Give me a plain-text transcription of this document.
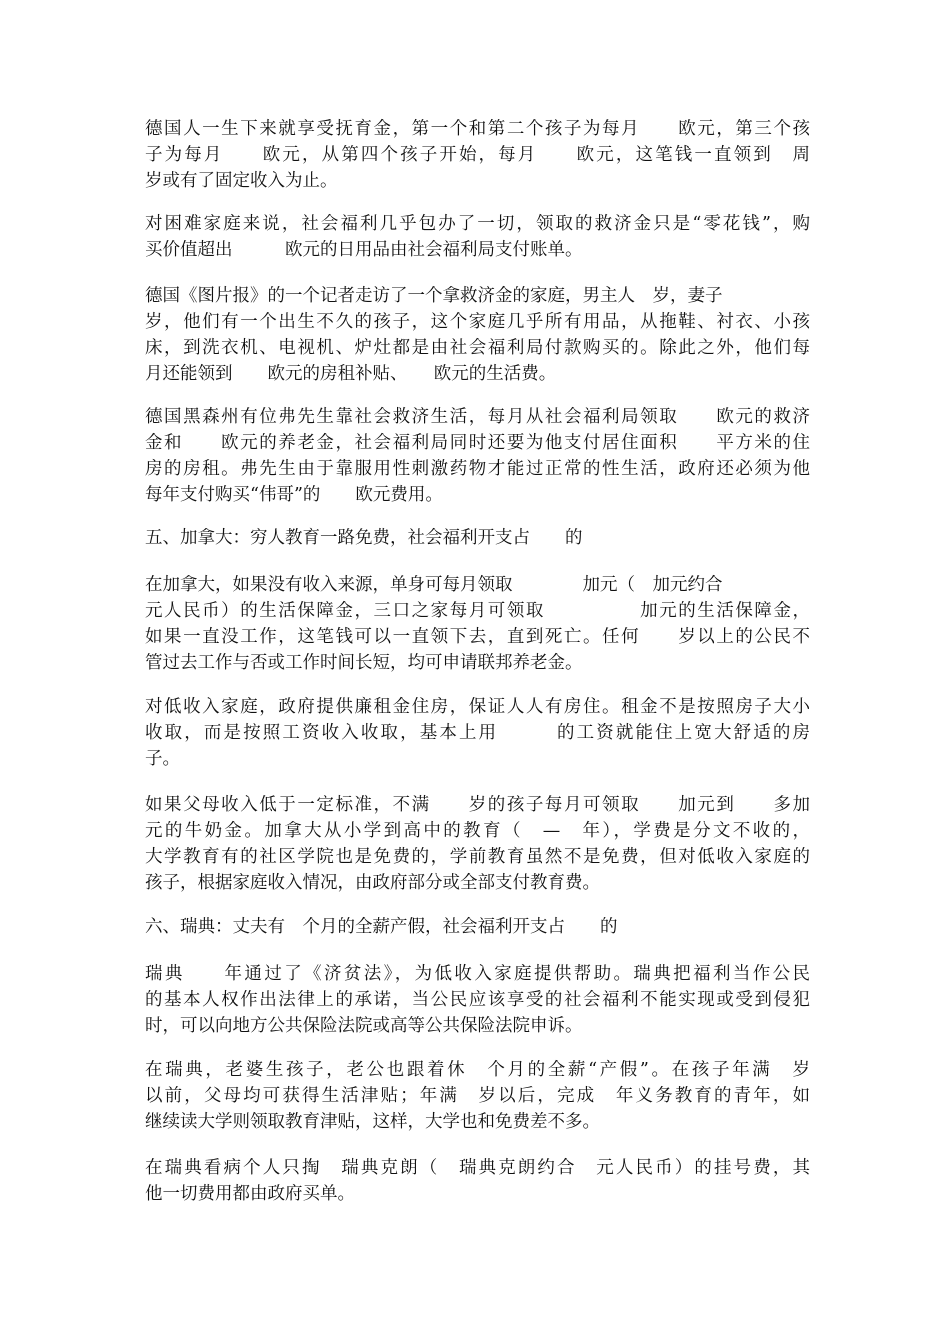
德国人一生下来就享受抚育金，第一个和第二个孩子为每月　　欧元，第三个孩
子为每月　　欧元，从第四个孩子开始，每月　　欧元，这笔钱一直领到　周
岁或有了固定收入为止。
对困难家庭来说，社会福利几乎包办了一切，领取的救济金只是“零花钱”，购
买价值超出　　　欧元的日用品由社会福利局支付账单。
德国《图片报》的一个记者走访了一个拿救济金的家庭，男主人　岁，妻子
岁，他们有一个出生不久的孩子，这个家庭几乎所有用品，从拖鞋、衬衣、小孩
床，到洗衣机、电视机、炉灶都是由社会福利局付款购买的。除此之外，他们每
月还能领到　　欧元的房租补贴、　　欧元的生活费。
德国黑森州有位弗先生靠社会救济生活，每月从社会福利局领取　　欧元的救济
金和　　欧元的养老金，社会福利局同时还要为他支付居住面积　　平方米的住
房的房租。弗先生由于靠服用性刺激药物才能过正常的性生活，政府还必须为他
每年支付购买“伟哥”的　　欧元费用。
五、加拿大：穷人教育一路免费，社会福利开支占　　的
在加拿大，如果没有收入来源，单身可每月领取　　　　加元（　加元约合
元人民币）的生活保障金，三口之家每月可领取　　　　　加元的生活保障金，
如果一直没工作，这笔钱可以一直领下去，直到死亡。任何　　岁以上的公民不
管过去工作与否或工作时间长短，均可申请联邦养老金。
对低收入家庭，政府提供廉租金住房，保证人人有房住。租金不是按照房子大小
收取，而是按照工资收入收取，基本上用　　　的工资就能住上宽大舒适的房
子。
如果父母收入低于一定标准，不满　　岁的孩子每月可领取　　加元到　　多加
元的牛奶金。加拿大从小学到高中的教育（　—　年），学费是分文不收的，
大学教育有的社区学院也是免费的，学前教育虽然不是免费，但对低收入家庭的
孩子，根据家庭收入情况，由政府部分或全部支付教育费。
六、瑞典：丈夫有　个月的全薪产假，社会福利开支占　　的
瑞典　　年通过了《济贫法》，为低收入家庭提供帮助。瑞典把福利当作公民
的基本人权作出法律上的承诺，当公民应该享受的社会福利不能实现或受到侵犯
时，可以向地方公共保险法院或高等公共保险法院申诉。
在瑞典，老婆生孩子，老公也跟着休　个月的全薪“产假”。在孩子年满　岁
以前，父母均可获得生活津贴；年满　岁以后，完成　年义务教育的青年，如
继续读大学则领取教育津贴，这样，大学也和免费差不多。
在瑞典看病个人只掏　瑞典克朗（　瑞典克朗约合　元人民币）的挂号费，其
他一切费用都由政府买单。
